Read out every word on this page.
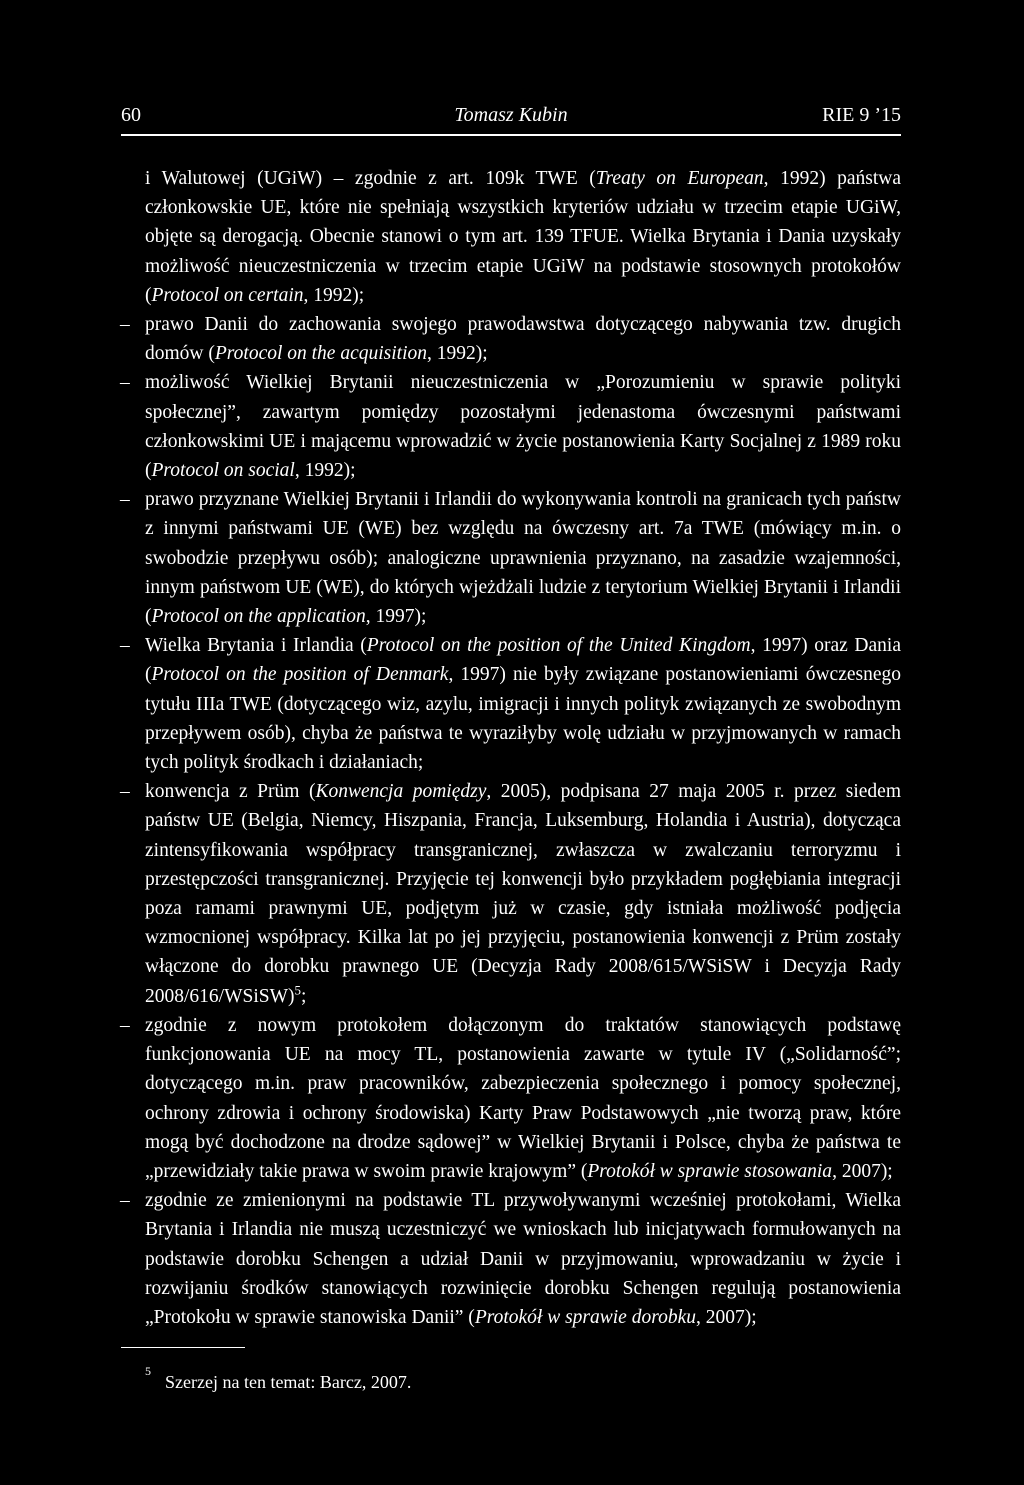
60	Tomasz Kubin	RIE 9 ’15

i Walutowej (UGiW) – zgodnie z art. 109k TWE (Treaty on European, 1992) państwa członkowskie UE, które nie spełniają wszystkich kryteriów udziału w trzecim etapie UGiW, objęte są derogacją. Obecnie stanowi o tym art. 139 TFUE. Wielka Brytania i Dania uzyskały możliwość nieuczestniczenia w trzecim etapie UGiW na podstawie stosownych protokołów (Protocol on certain, 1992);

– prawo Danii do zachowania swojego prawodawstwa dotyczącego nabywania tzw. drugich domów (Protocol on the acquisition, 1992);

– możliwość Wielkiej Brytanii nieuczestniczenia w „Porozumieniu w sprawie polityki społecznej”, zawartym pomiędzy pozostałymi jedenastoma ówczesnymi państwami członkowskimi UE i mającemu wprowadzić w życie postanowienia Karty Socjalnej z 1989 roku (Protocol on social, 1992);

– prawo przyznane Wielkiej Brytanii i Irlandii do wykonywania kontroli na granicach tych państw z innymi państwami UE (WE) bez względu na ówczesny art. 7a TWE (mówiący m.in. o swobodzie przepływu osób); analogiczne uprawnienia przyznano, na zasadzie wzajemności, innym państwom UE (WE), do których wjeżdżali ludzie z terytorium Wielkiej Brytanii i Irlandii (Protocol on the application, 1997);

– Wielka Brytania i Irlandia (Protocol on the position of the United Kingdom, 1997) oraz Dania (Protocol on the position of Denmark, 1997) nie były związane postanowieniami ówczesnego tytułu IIIa TWE (dotyczącego wiz, azylu, imigracji i innych polityk związanych ze swobodnym przepływem osób), chyba że państwa te wyraziłyby wolę udziału w przyjmowanych w ramach tych polityk środkach i działaniach;

– konwencja z Prüm (Konwencja pomiędzy, 2005), podpisana 27 maja 2005 r. przez siedem państw UE (Belgia, Niemcy, Hiszpania, Francja, Luksemburg, Holandia i Austria), dotycząca zintensyfikowania współpracy transgranicznej, zwłaszcza w zwalczaniu terroryzmu i przestępczości transgranicznej. Przyjęcie tej konwencji było przykładem pogłębiania integracji poza ramami prawnymi UE, podjętym już w czasie, gdy istniała możliwość podjęcia wzmocnionej współpracy. Kilka lat po jej przyjęciu, postanowienia konwencji z Prüm zostały włączone do dorobku prawnego UE (Decyzja Rady 2008/615/WSiSW i Decyzja Rady 2008/616/WSiSW)$^5$;

– zgodnie z nowym protokołem dołączonym do traktatów stanowiących podstawę funkcjonowania UE na mocy TL, postanowienia zawarte w tytule IV („Solidarność”; dotyczącego m.in. praw pracowników, zabezpieczenia społecznego i pomocy społecznej, ochrony zdrowia i ochrony środowiska) Karty Praw Podstawowych „nie tworzą praw, które mogą być dochodzone na drodze sądowej” w Wielkiej Brytanii i Polsce, chyba że państwa te „przewidziały takie prawa w swoim prawie krajowym” (Protokół w sprawie stosowania, 2007);

– zgodnie ze zmienionymi na podstawie TL przywoływanymi wcześniej protokołami, Wielka Brytania i Irlandia nie muszą uczestniczyć we wnioskach lub inicjatywach formułowanych na podstawie dorobku Schengen a udział Danii w przyjmowaniu, wprowadzaniu w życie i rozwijaniu środków stanowiących rozwinięcie dorobku Schengen regulują postanowienia „Protokołu w sprawie stanowiska Danii” (Protokół w sprawie dorobku, 2007);

$^5$Szerzej na ten temat: Barcz, 2007.
